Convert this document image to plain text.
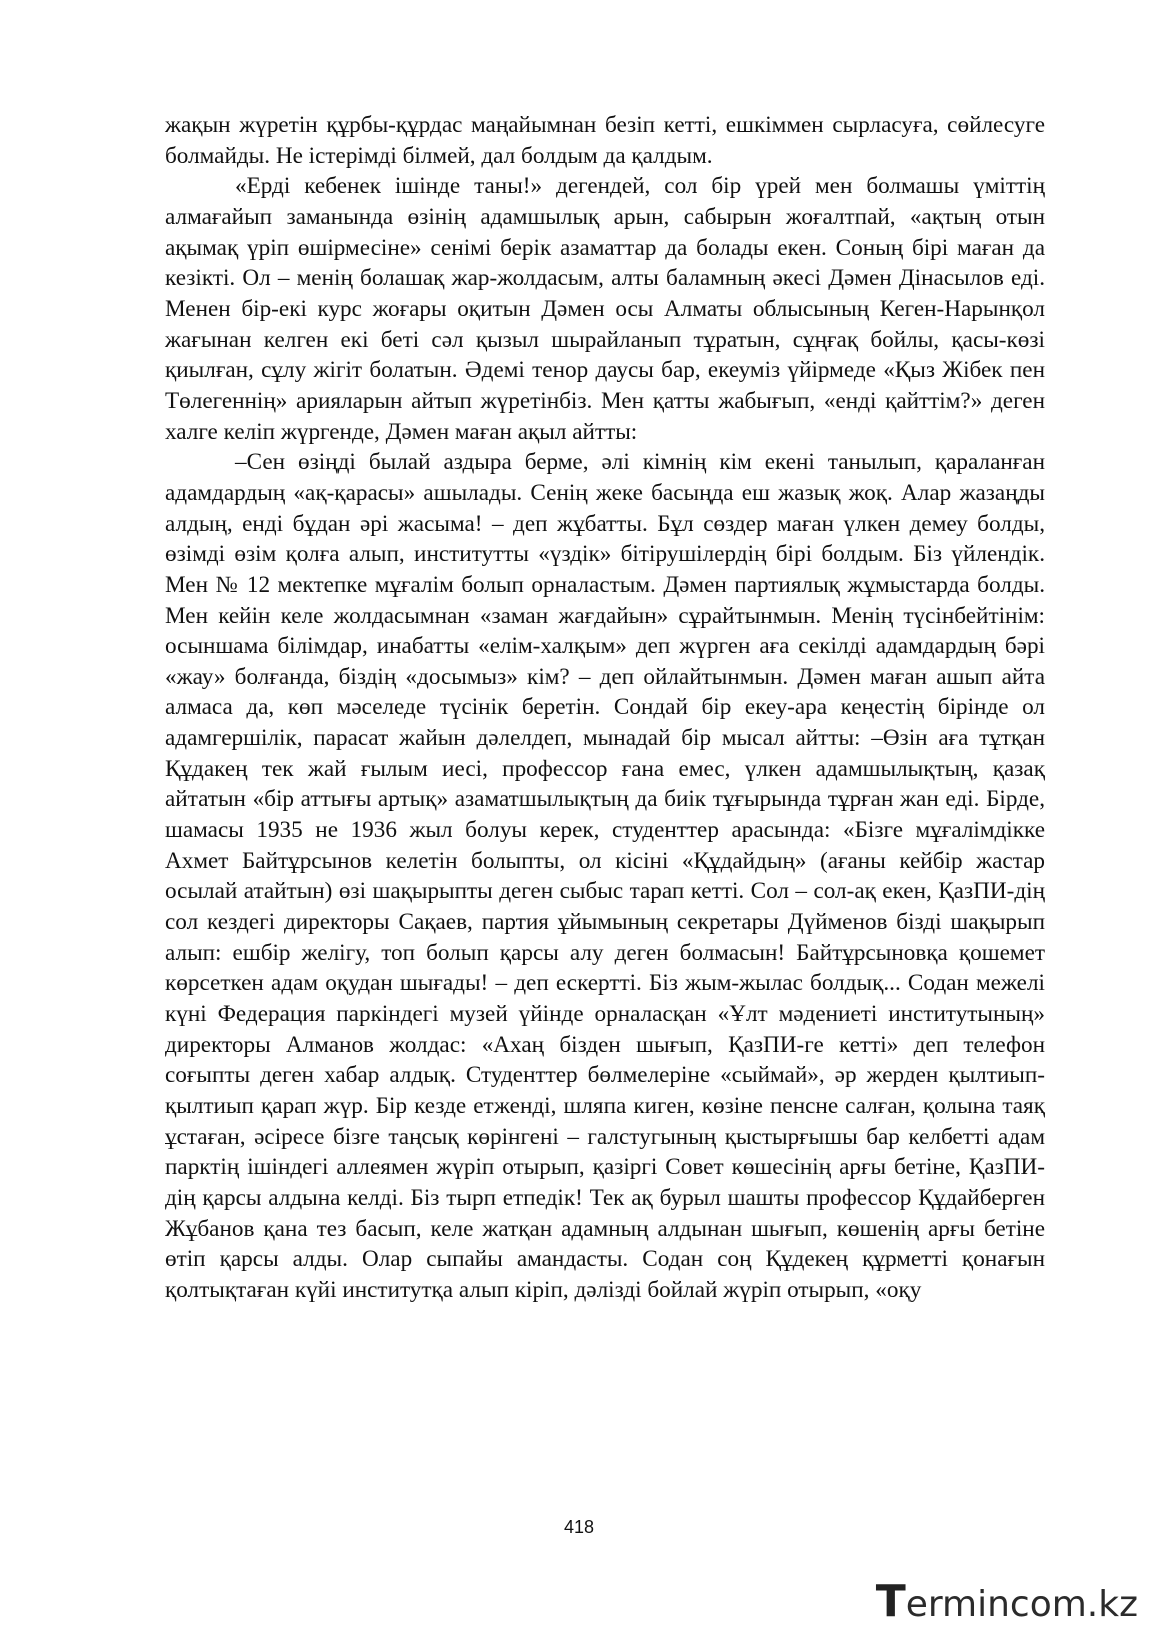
жақын жүретін құрбы-құрдас маңайымнан безіп кетті, ешкіммен сырласуға, сөйлесуге болмайды. Не істерімді білмей, дал болдым да қалдым.

«Ерді кебенек ішінде таны!» дегендей, сол бір үрей мен болмашы үміттің алмағайып заманында өзінің адамшылық арын, сабырын жоғалтпай, «ақтың отын ақымақ үріп өшірмесіне» сенімі берік азаматтар да болады екен. Соның бірі маған да кезікті. Ол – менің болашақ жар-жолдасым, алты баламның әкесі Дәмен Дінасылов еді. Менен бір-екі курс жоғары оқитын Дәмен осы Алматы облысының Кеген-Нарынқол жағынан келген екі беті сәл қызыл шырайланып тұратын, сұңғақ бойлы, қасы-көзі қиылған, сұлу жігіт болатын. Әдемі тенор даусы бар, екеуміз үйірмеде «Қыз Жібек пен Төлегеннің» арияларын айтып жүретінбіз. Мен қатты жабығып, «енді қайттім?» деген халге келіп жүргенде, Дәмен маған ақыл айтты:

–Сен өзіңді былай аздыра берме, әлі кімнің кім екені танылып, қараланған адамдардың «ақ-қарасы» ашылады. Сенің жеке басыңда еш жазық жоқ. Алар жазаңды алдың, енді бұдан әрі жасыма! – деп жұбатты. Бұл сөздер маған үлкен демеу болды, өзімді өзім қолға алып, институтты «үздік» бітірушілердің бірі болдым. Біз үйлендік. Мен № 12 мектепке мұғалім болып орналастым. Дәмен партиялық жұмыстарда болды. Мен кейін келе жолдасымнан «заман жағдайын» сұрайтынмын. Менің түсінбейтінім: осыншама білімдар, инабатты «елім-халқым» деп жүрген аға секілді адамдардың бәрі «жау» болғанда, біздің «досымыз» кім? – деп ойлайтынмын. Дәмен маған ашып айта алмаса да, көп мәселеде түсінік беретін. Сондай бір екеу-ара кеңестің бірінде ол адамгершілік, парасат жайын дәлелдеп, мынадай бір мысал айтты: –Өзін аға тұтқан Құдакең тек жай ғылым иесі, профессор ғана емес, үлкен адамшылықтың, қазақ айтатын «бір аттығы артық» азаматшылықтың да биік тұғырында тұрған жан еді. Бірде, шамасы 1935 не 1936 жыл болуы керек, студенттер арасында: «Бізге мұғалімдікке Ахмет Байтұрсынов келетін болыпты, ол кісіні «Құдайдың» (ағаны кейбір жастар осылай атайтын) өзі шақырыпты деген сыбыс тарап кетті. Сол – сол-ақ екен, ҚазПИ-дің сол кездегі директоры Сақаев, партия ұйымының секретары Дүйменов бізді шақырып алып: ешбір желігу, топ болып қарсы алу деген болмасын! Байтұрсыновқа қошемет көрсеткен адам оқудан шығады! – деп ескертті. Біз жым-жылас болдық... Содан межелі күні Федерация паркіндегі музей үйінде орналасқан «Ұлт мәдениеті институтының» директоры Алманов жолдас: «Ахаң бізден шығып, ҚазПИ-ге кетті» деп телефон соғыпты деген хабар алдық. Студенттер бөлмелеріне «сыймай», әр жерден қылтиып-қылтиып қарап жүр. Бір кезде етженді, шляпа киген, көзіне пенсне салған, қолына таяқ ұстаған, әсіресе бізге таңсық көрінгені – галстугының қыстырғышы бар келбетті адам парктің ішіндегі аллеямен жүріп отырып, қазіргі Совет көшесінің арғы бетіне, ҚазПИ-дің қарсы алдына келді. Біз тырп етпедік! Тек ақ бурыл шашты профессор Құдайберген Жұбанов қана тез басып, келе жатқан адамның алдынан шығып, көшенің арғы бетіне өтіп қарсы алды. Олар сыпайы амандасты. Содан соң Құдекең құрметті қонағын қолтықтаған күйі институтқа алып кіріп, дәлізді бойлай жүріп отырып, «оқу

418
T ermincom.kz
